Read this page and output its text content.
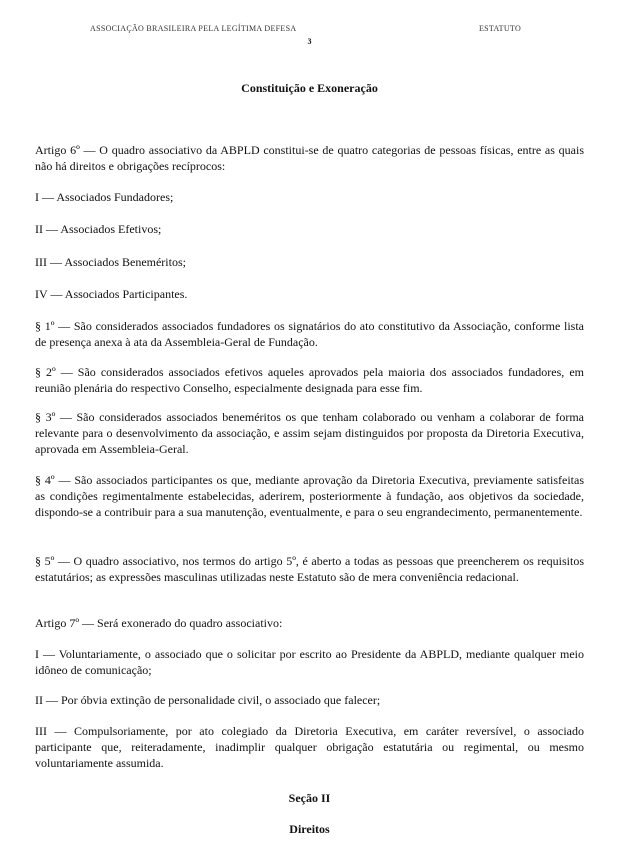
ASSOCIAÇÃO BRASILEIRA PELA LEGÍTIMA DEFESA	ESTATUTO
3
Constituição e Exoneração

Artigo 6º — O quadro associativo da ABPLD constitui-se de quatro categorias de pessoas físicas, entre as quais não há direitos e obrigações recíprocos:

I — Associados Fundadores;

II — Associados Efetivos;

III — Associados Beneméritos;

IV — Associados Participantes.

§ 1º — São considerados associados fundadores os signatários do ato constitutivo da Associação, conforme lista de presença anexa à ata da Assembleia-Geral de Fundação.

§ 2º — São considerados associados efetivos aqueles aprovados pela maioria dos associados fundadores, em reunião plenária do respectivo Conselho, especialmente designada para esse fim.

§ 3º — São considerados associados beneméritos os que tenham colaborado ou venham a colaborar de forma relevante para o desenvolvimento da associação, e assim sejam distinguidos por proposta da Diretoria Executiva, aprovada em Assembleia-Geral.

§ 4º — São associados participantes os que, mediante aprovação da Diretoria Executiva, previamente satisfeitas as condições regimentalmente estabelecidas, aderirem, posteriormente à fundação, aos objetivos da sociedade, dispondo-se a contribuir para a sua manutenção, eventualmente, e para o seu engrandecimento, permanentemente.

§ 5º — O quadro associativo, nos termos do artigo 5º, é aberto a todas as pessoas que preencherem os requisitos estatutários; as expressões masculinas utilizadas neste Estatuto são de mera conveniência redacional.

Artigo 7º — Será exonerado do quadro associativo:

I — Voluntariamente, o associado que o solicitar por escrito ao Presidente da ABPLD, mediante qualquer meio idôneo de comunicação;

II — Por óbvia extinção de personalidade civil, o associado que falecer;

III — Compulsoriamente, por ato colegiado da Diretoria Executiva, em caráter reversível, o associado participante que, reiteradamente, inadimplir qualquer obrigação estatutária ou regimental, ou mesmo voluntariamente assumida.

Seção II
Direitos
